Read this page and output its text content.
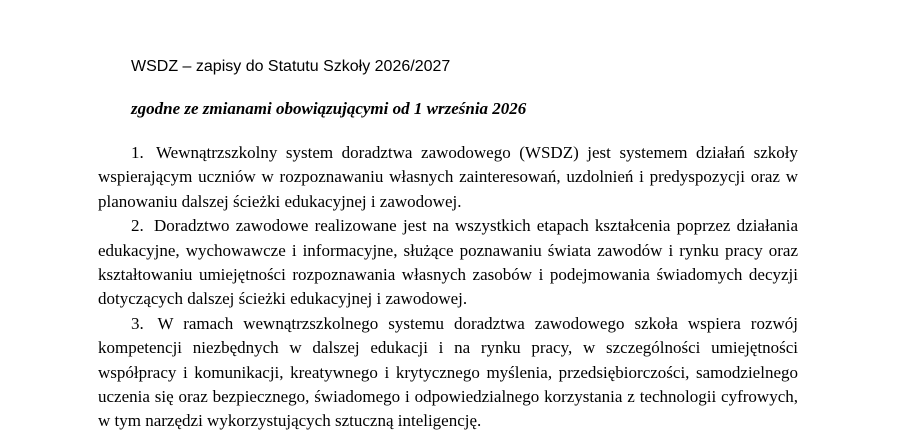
WSDZ – zapisy do Statutu Szkoły 2026/2027
zgodne ze zmianami obowiązującymi od 1 września 2026

1. Wewnątrzszkolny system doradztwa zawodowego (WSDZ) jest systemem działań szkoły wspierającym uczniów w rozpoznawaniu własnych zainteresowań, uzdolnień i predyspozycji oraz w planowaniu dalszej ścieżki edukacyjnej i zawodowej.

2. Doradztwo zawodowe realizowane jest na wszystkich etapach kształcenia poprzez działania edukacyjne, wychowawcze i informacyjne, służące poznawaniu świata zawodów i rynku pracy oraz kształtowaniu umiejętności rozpoznawania własnych zasobów i podejmowania świadomych decyzji dotyczących dalszej ścieżki edukacyjnej i zawodowej.

3. W ramach wewnątrzszkolnego systemu doradztwa zawodowego szkoła wspiera rozwój kompetencji niezbędnych w dalszej edukacji i na rynku pracy, w szczególności umiejętności współpracy i komunikacji, kreatywnego i krytycznego myślenia, przedsiębiorczości, samodzielnego uczenia się oraz bezpiecznego, świadomego i odpowiedzialnego korzystania z technologii cyfrowych, w tym narzędzi wykorzystujących sztuczną inteligencję.
